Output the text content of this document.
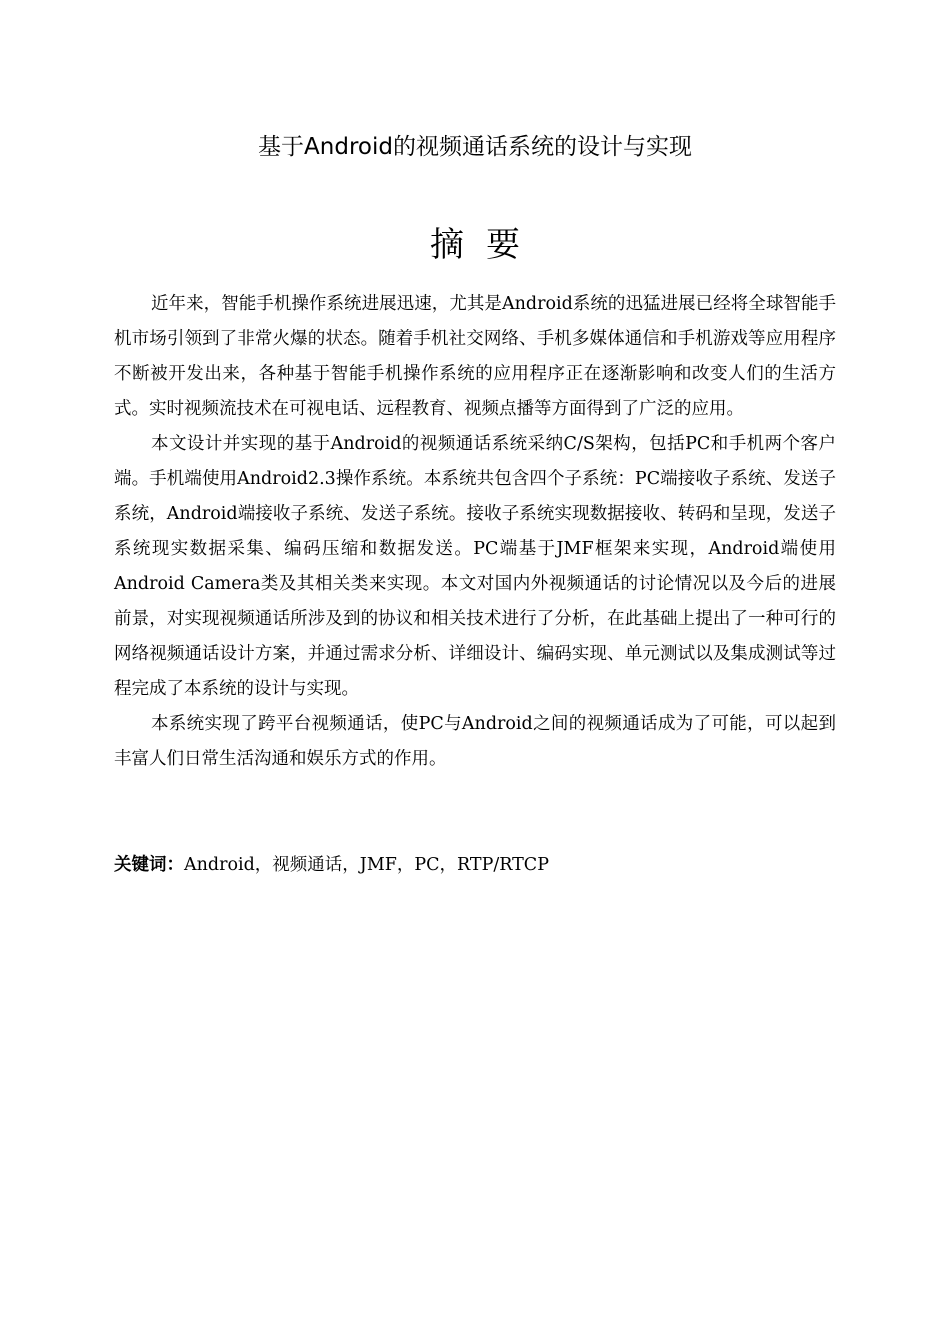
基于Android的视频通话系统的设计与实现
摘要

近年来，智能手机操作系统进展迅速，尤其是Android系统的迅猛进展已经将全球智能手机市场引领到了非常火爆的状态。随着手机社交网络、手机多媒体通信和手机游戏等应用程序不断被开发出来，各种基于智能手机操作系统的应用程序正在逐渐影响和改变人们的生活方式。实时视频流技术在可视电话、远程教育、视频点播等方面得到了广泛的应用。

本文设计并实现的基于Android的视频通话系统采纳C/S架构，包括PC和手机两个客户端。手机端使用Android2.3操作系统。本系统共包含四个子系统：PC端接收子系统、发送子系统，Android端接收子系统、发送子系统。接收子系统实现数据接收、转码和呈现，发送子系统现实数据采集、编码压缩和数据发送。PC端基于JMF框架来实现，Android端使用Android Camera类及其相关类来实现。本文对国内外视频通话的讨论情况以及今后的进展前景，对实现视频通话所涉及到的协议和相关技术进行了分析，在此基础上提出了一种可行的网络视频通话设计方案，并通过需求分析、详细设计、编码实现、单元测试以及集成测试等过程完成了本系统的设计与实现。

本系统实现了跨平台视频通话，使PC与Android之间的视频通话成为了可能，可以起到丰富人们日常生活沟通和娱乐方式的作用。

关键词：Android，视频通话，JMF，PC，RTP/RTCP
